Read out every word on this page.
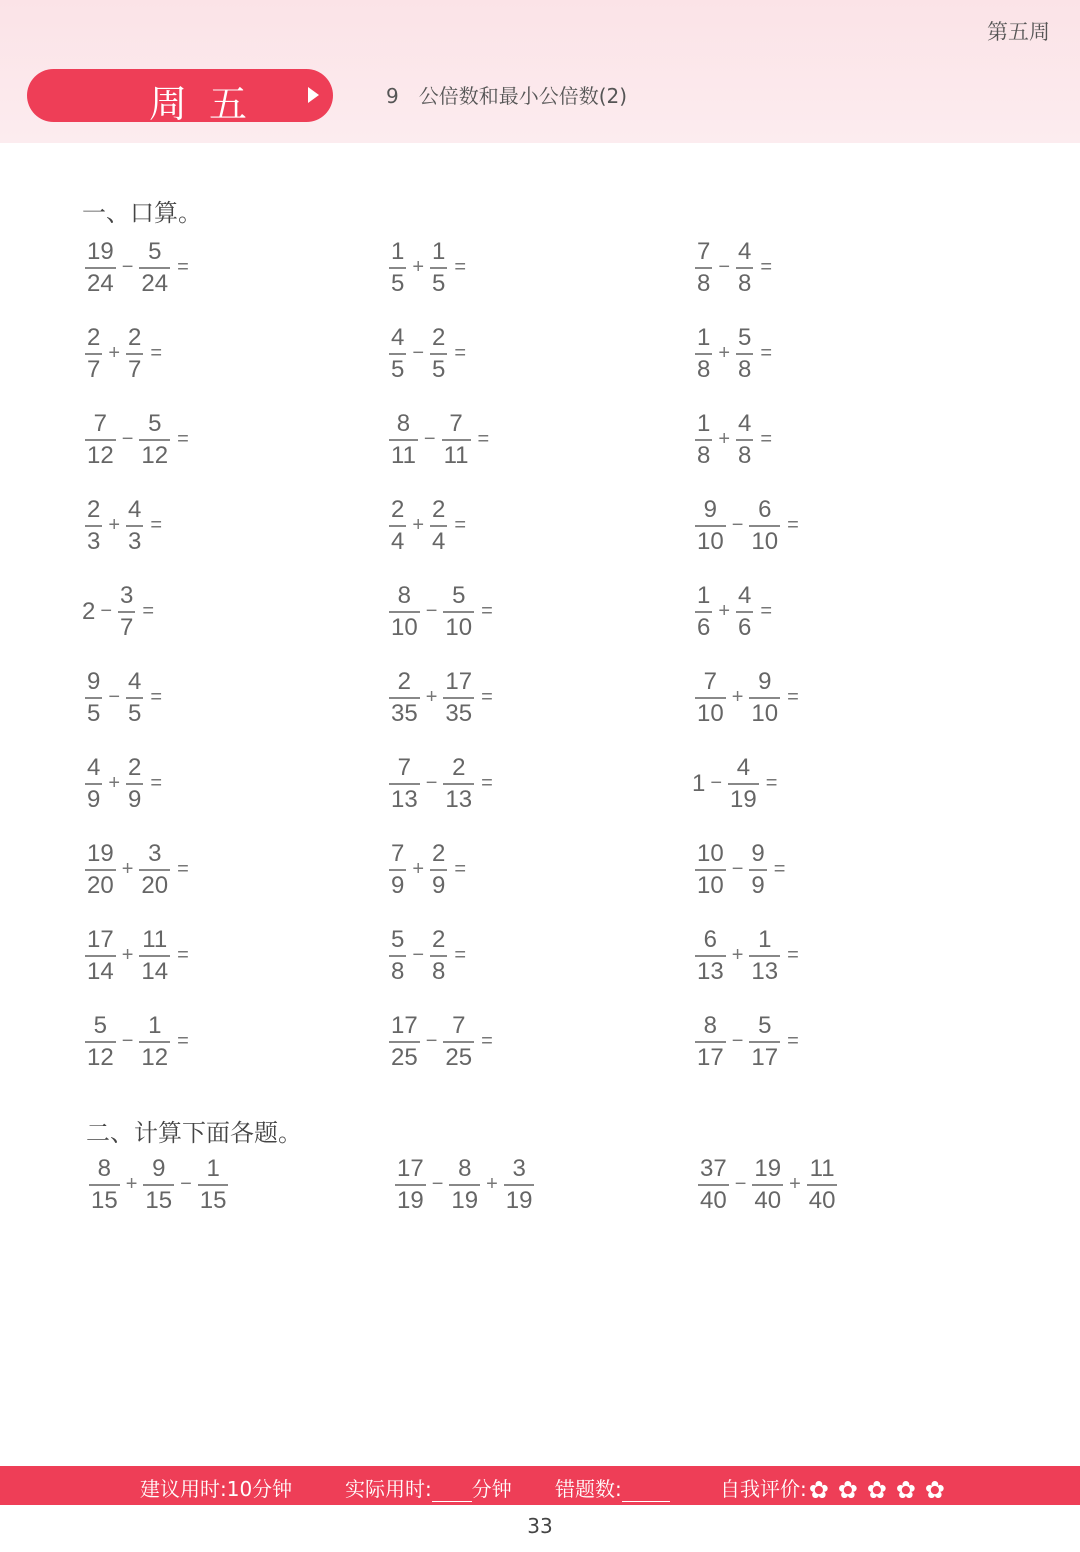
第五周
周五	9　公倍数和最小公倍数(2)
一、口算。
$\frac{19}{24} - \frac{5}{24}$ =	$\frac{1}{5} + \frac{1}{5}$ =	$\frac{7}{8} - \frac{4}{8}$ =
$\frac{2}{7} + \frac{2}{7}$ =	$\frac{4}{5} - \frac{2}{5}$ =	$\frac{1}{8} + \frac{5}{8}$ =
$\frac{7}{12} - \frac{5}{12}$ =	$\frac{8}{11} - \frac{7}{11}$ =	$\frac{1}{8} + \frac{4}{8}$ =
$\frac{2}{3} + \frac{4}{3}$ =	$\frac{2}{4} + \frac{2}{4}$ =	$\frac{9}{10} - \frac{6}{10}$ =
$2 - \frac{3}{7}$ =	$\frac{8}{10} - \frac{5}{10}$ =	$\frac{1}{6} + \frac{4}{6}$ =
$\frac{9}{5} - \frac{4}{5}$ =	$\frac{2}{35} + \frac{17}{35}$ =	$\frac{7}{10} + \frac{9}{10}$ =
$\frac{4}{9} + \frac{2}{9}$ =	$\frac{7}{13} - \frac{2}{13}$ =	$1 - \frac{4}{19}$ =
$\frac{19}{20} + \frac{3}{20}$ =	$\frac{7}{9} + \frac{2}{9}$ =	$\frac{10}{10} - \frac{9}{9}$ =
$\frac{17}{14} + \frac{11}{14}$ =	$\frac{5}{8} - \frac{2}{8}$ =	$\frac{6}{13} + \frac{1}{13}$ =
$\frac{5}{12} - \frac{1}{12}$ =	$\frac{17}{25} - \frac{7}{25}$ =	$\frac{8}{17} - \frac{5}{17}$ =
二、计算下面各题。
$\frac{8}{15} + \frac{9}{15} - \frac{1}{15}$	$\frac{17}{19} - \frac{8}{19} + \frac{3}{19}$	$\frac{37}{40} - \frac{19}{40} + \frac{11}{40}$
建议用时:10分钟	实际用时: 分钟 错题数:	自我评价:
✿
✿
✿
✿
✿
33
